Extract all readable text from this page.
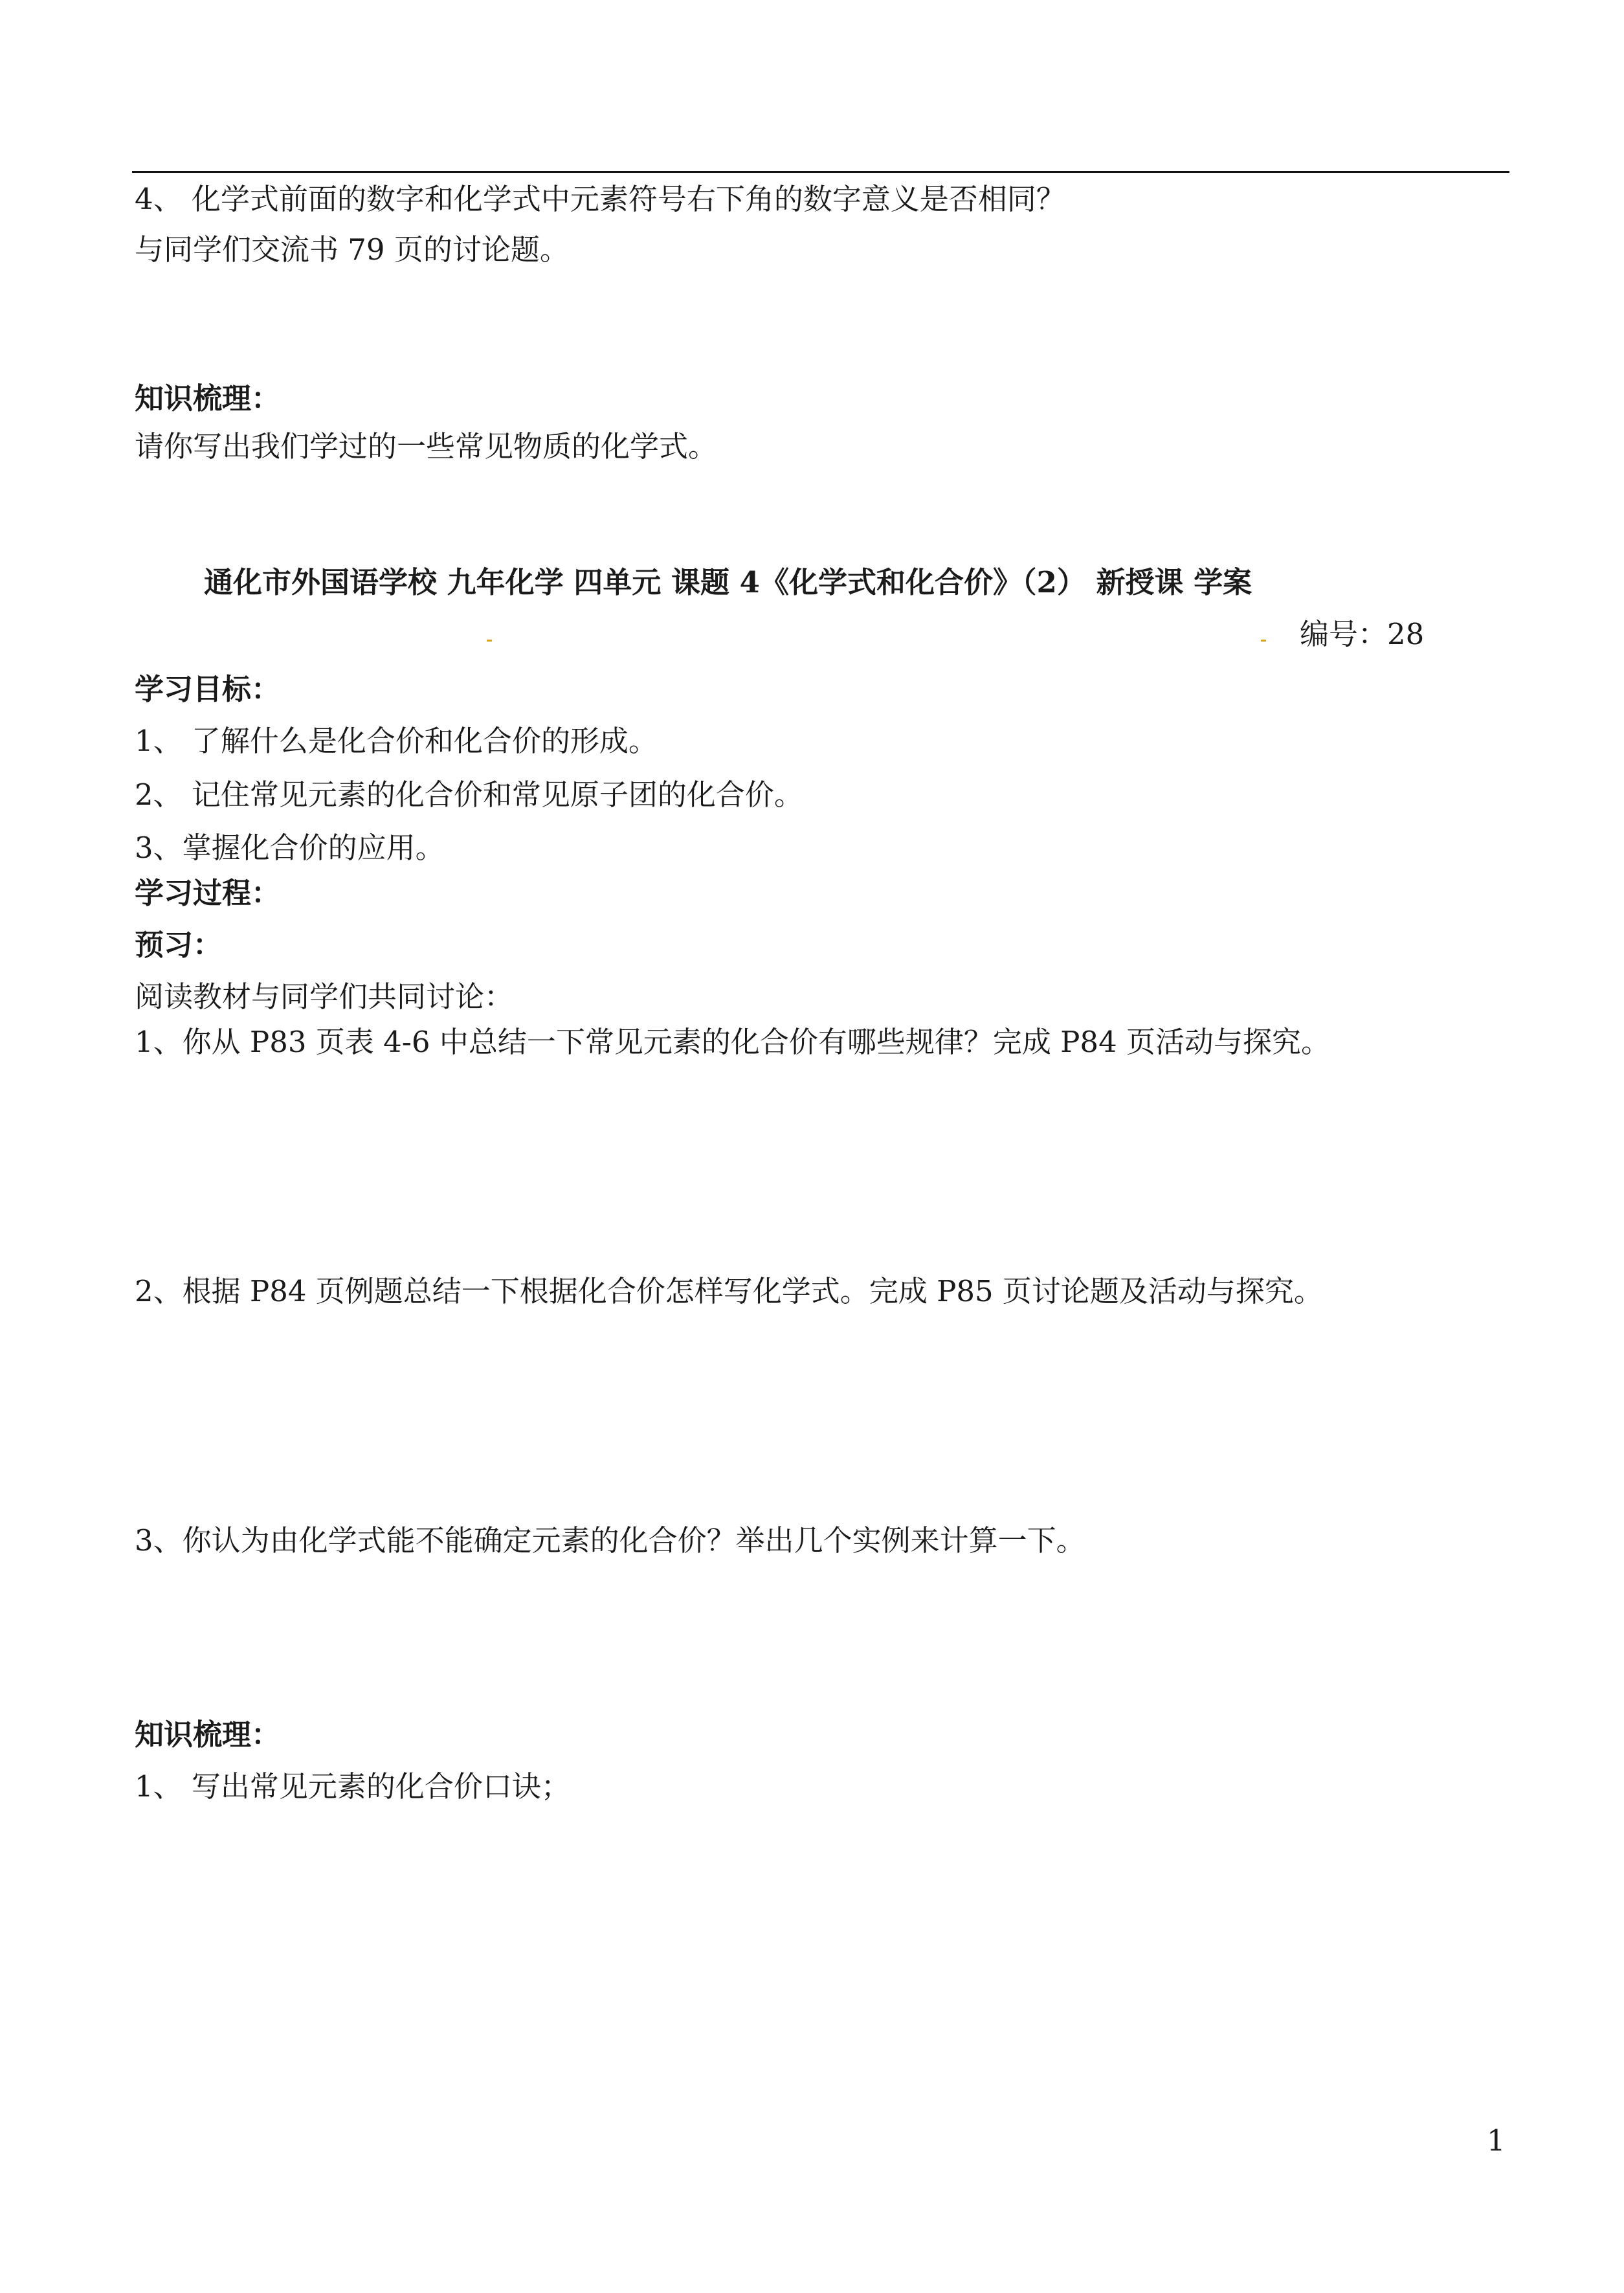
4、 化学式前面的数字和化学式中元素符号右下角的数字意义是否相同？
与同学们交流书 79 页的讨论题。
知识梳理：
请你写出我们学过的一些常见物质的化学式。
通化市外国语学校 九年化学 四单元 课题 4《化学式和化合价》（2） 新授课 学案
编号：28
学习目标：
1、 了解什么是化合价和化合价的形成。
2、 记住常见元素的化合价和常见原子团的化合价。
3、掌握化合价的应用。
学习过程：
预习：
阅读教材与同学们共同讨论：
1、你从 P83 页表 4-6 中总结一下常见元素的化合价有哪些规律？完成 P84 页活动与探究。
2、根据 P84 页例题总结一下根据化合价怎样写化学式。完成 P85 页讨论题及活动与探究。
3、你认为由化学式能不能确定元素的化合价？举出几个实例来计算一下。
知识梳理：
1、 写出常见元素的化合价口诀；
1
